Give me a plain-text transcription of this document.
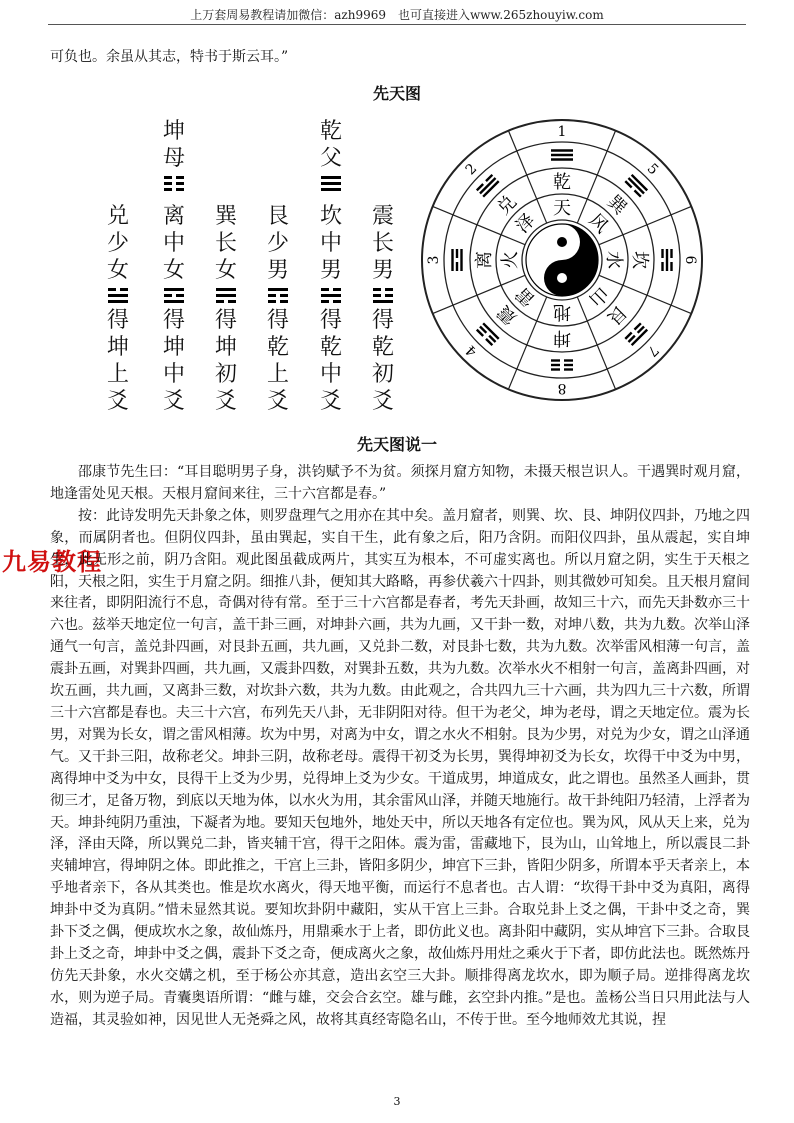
上万套周易教程请加微信：azh9969　也可直接进入www.265zhouyiw.com
可负也。余虽从其志，特书于斯云耳。”
先天图
坤
母
兑
少
女
得
坤
上
爻
离
中
女
得
坤
中
爻
巽
长
女
得
坤
初
爻
艮
少
男
得
乾
上
爻
坎
中
男
得
乾
中
爻
震
长
男
得
乾
初
爻
乾
父
1
乾
天
5
巽
风
6
坎
水
7
艮
山
8
坤
地
4
震
雷
3 离 火
2
兑
泽
先天图说一
九易教程

邵康节先生曰：“耳目聪明男子身，洪钧赋予不为贫。须探月窟方知物，未摄天根岂识人。干遇巽时观月窟，地逢雷处见天根。天根月窟间来往，三十六宫都是春。”

按：此诗发明先天卦象之体，则罗盘理气之用亦在其中矣。盖月窟者，则巽、坎、艮、坤阴仪四卦，乃地之四象，而属阴者也。但阴仪四卦，虽由巽起，实自干生，此有象之后，阳乃含阴。而阳仪四卦，虽从震起，实自坤生，此无形之前，阴乃含阳。观此图虽截成两片，其实互为根本，不可虚实离也。所以月窟之阴，实生于天根之阳，天根之阳，实生于月窟之阴。细推八卦，便知其大路略，再参伏羲六十四卦，则其微妙可知矣。且天根月窟间来往者，即阴阳流行不息，奇偶对待有常。至于三十六宫都是春者，考先天卦画，故知三十六，而先天卦数亦三十六也。兹举天地定位一句言，盖干卦三画，对坤卦六画，共为九画，又干卦一数，对坤八数，共为九数。次举山泽通气一句言，盖兑卦四画，对艮卦五画，共九画，又兑卦二数，对艮卦七数，共为九数。次举雷风相薄一句言，盖震卦五画，对巽卦四画，共九画，又震卦四数，对巽卦五数，共为九数。次举水火不相射一句言，盖离卦四画，对坎五画，共九画，又离卦三数，对坎卦六数，共为九数。由此观之，合共四九三十六画，共为四九三十六数，所谓三十六宫都是春也。夫三十六宫，布列先天八卦，无非阴阳对待。但干为老父，坤为老母，谓之天地定位。震为长男，对巽为长女，谓之雷风相薄。坎为中男，对离为中女，谓之水火不相射。艮为少男，对兑为少女，谓之山泽通气。又干卦三阳，故称老父。坤卦三阴，故称老母。震得干初爻为长男，巽得坤初爻为长女，坎得干中爻为中男，离得坤中爻为中女，艮得干上爻为少男，兑得坤上爻为少女。干道成男，坤道成女，此之谓也。虽然圣人画卦，贯彻三才，足备万物，到底以天地为体，以水火为用，其余雷风山泽，并随天地施行。故干卦纯阳乃轻清，上浮者为天。坤卦纯阴乃重浊，下凝者为地。要知天包地外，地处天中，所以天地各有定位也。巽为风，风从天上来，兑为泽，泽由天降，所以巽兑二卦，皆夹辅干宫，得干之阳体。震为雷，雷藏地下，艮为山，山耸地上，所以震艮二卦夹辅坤宫，得坤阴之体。即此推之，干宫上三卦，皆阳多阴少，坤宫下三卦，皆阳少阴多，所谓本乎天者亲上，本乎地者亲下，各从其类也。惟是坎水离火，得天地平衡，而运行不息者也。古人谓：“坎得干卦中爻为真阳，离得坤卦中爻为真阴。”惜未显然其说。要知坎卦阴中藏阳，实从干宫上三卦。合取兑卦上爻之偶，干卦中爻之奇，巽卦下爻之偶，便成坎水之象，故仙炼丹，用鼎乘水于上者，即仿此义也。离卦阳中藏阴，实从坤宫下三卦。合取艮卦上爻之奇，坤卦中爻之偶，震卦下爻之奇，便成离火之象，故仙炼丹用灶之乘火于下者，即仿此法也。既然炼丹仿先天卦象，水火交媾之机，至于杨公亦其意，造出玄空三大卦。顺排得离龙坎水，即为顺子局。逆排得离龙坎水，则为逆子局。青囊奥语所谓：“雌与雄，交会合玄空。雄与雌，玄空卦内推。”是也。盖杨公当日只用此法与人造福，其灵验如神，因见世人无尧舜之风，故将其真经寄隐名山，不传于世。至今地师效尤其说，捏

3
